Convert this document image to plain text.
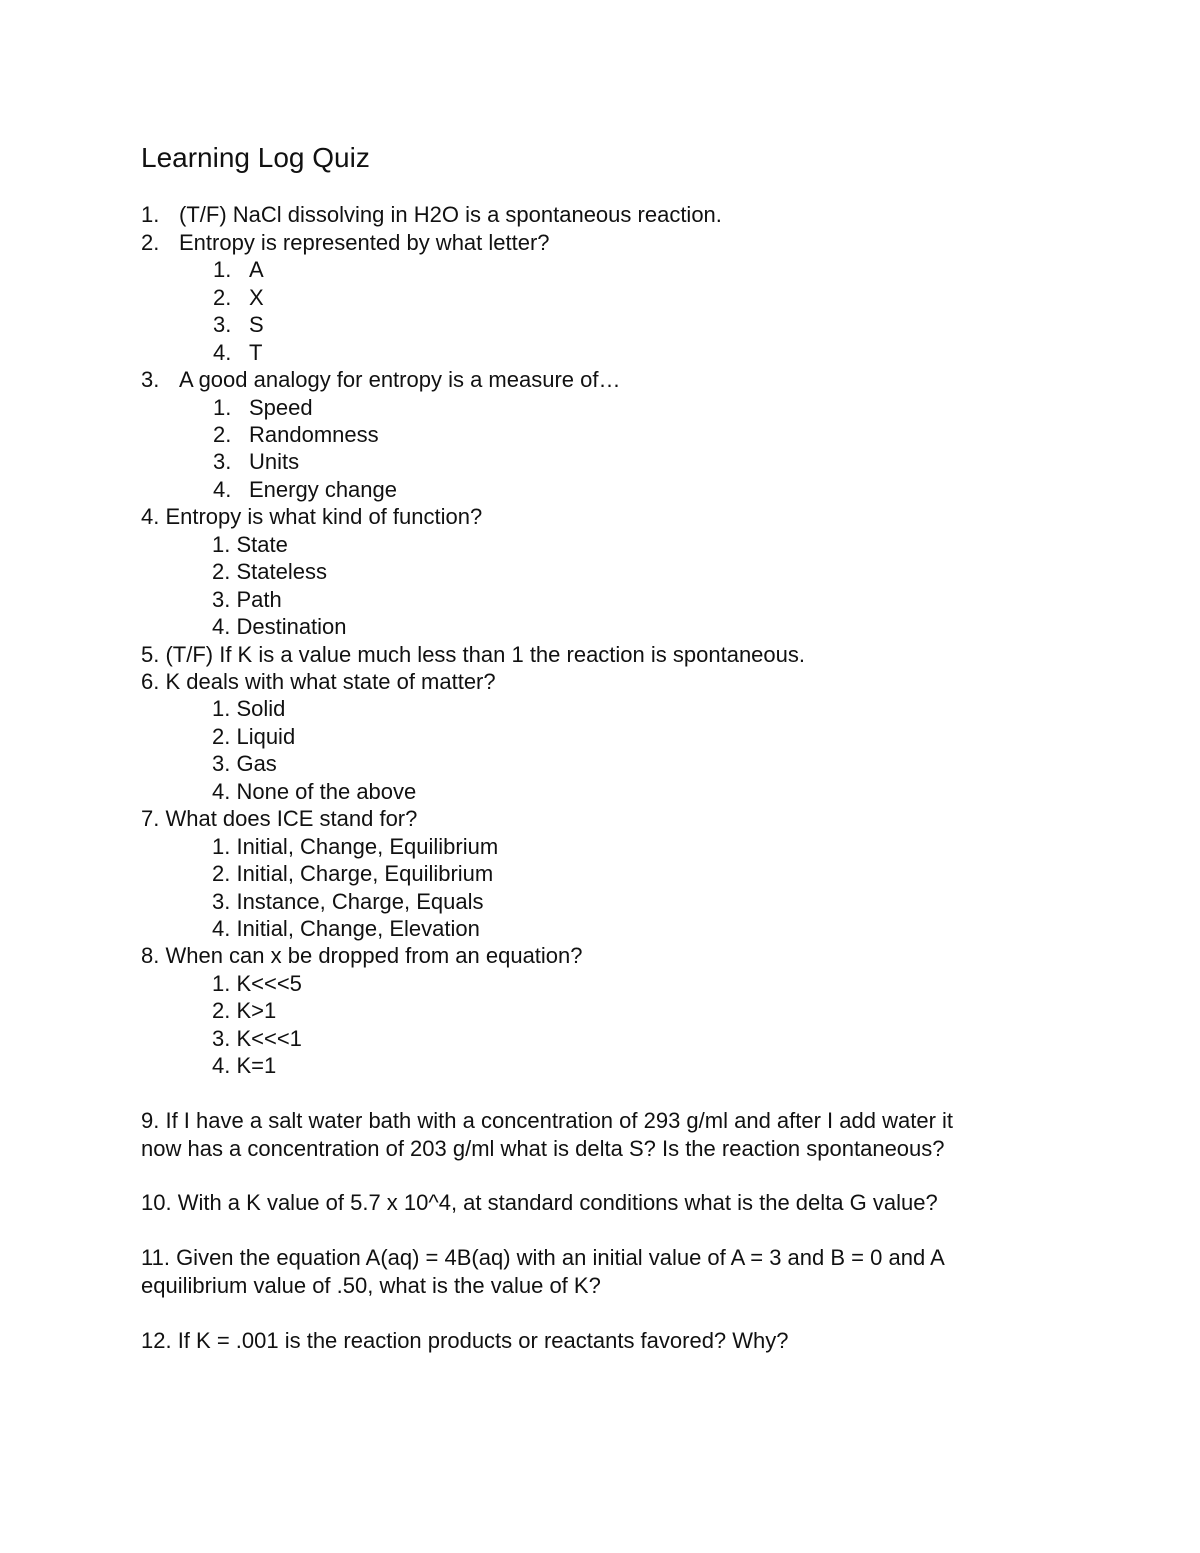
Learning Log Quiz
1. (T/F) NaCl dissolving in H2O is a spontaneous reaction.
2. Entropy is represented by what letter?
1. A
2. X
3. S
4. T
3. A good analogy for entropy is a measure of…
1. Speed
2. Randomness
3. Units
4. Energy change
4. Entropy is what kind of function?
1. State
2. Stateless
3. Path
4. Destination
5. (T/F) If K is a value much less than 1 the reaction is spontaneous.
6. K deals with what state of matter?
1. Solid
2. Liquid
3. Gas
4. None of the above
7. What does ICE stand for?
1. Initial, Change, Equilibrium
2. Initial, Charge, Equilibrium
3. Instance, Charge, Equals
4. Initial, Change, Elevation
8. When can x be dropped from an equation?
1. K<<<5
2. K>1
3. K<<<1
4. K=1
9. If I have a salt water bath with a concentration of 293 g/ml and after I add water it
now has a concentration of 203 g/ml what is delta S? Is the reaction spontaneous?
10. With a K value of 5.7 x 10^4, at standard conditions what is the delta G value?
11. Given the equation A(aq) = 4B(aq) with an initial value of A = 3 and B = 0 and A
equilibrium value of .50, what is the value of K?
12. If K = .001 is the reaction products or reactants favored? Why?
